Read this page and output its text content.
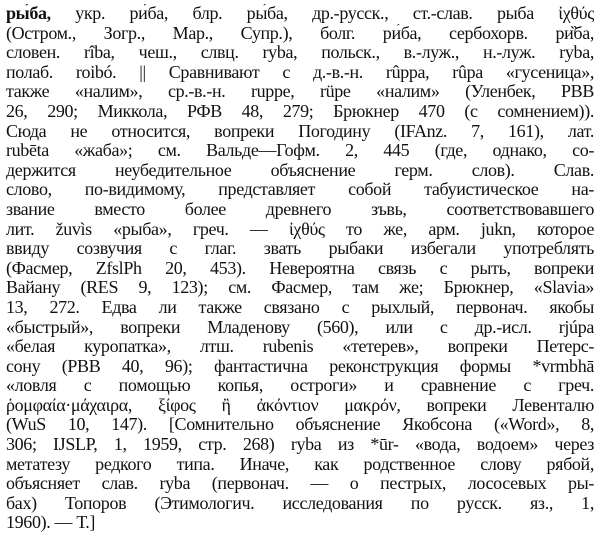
ры́ба, укр. ри́ба, блр. ры́ба, др.-русск., ст.-слав. рыба ἰχθύς
(Остром., Зогр., Мар., Супр.), болг. ри́ба, сербохорв. ри̏ба,
словен. rîba, чеш., слвц. ryba, польск., в.-луж., н.-луж. ryba,
полаб. roibó. || Сравнивают с д.-в.-н. rûppa, rûpa «гусеница»,
также «налим», ср.-в.-н. ruppe, rüpe «налим» (Уленбек, PBB
26, 290; Миккола, РФВ 48, 279; Брюкнер 470 (с сомнением)).
Сюда не относится, вопреки Погодину (IFAnz. 7, 161), лат.
rubēta «жаба»; см. Вальде—Гофм. 2, 445 (где, однако, со-
держится неубедительное объяснение герм. слов). Слав.
слово, по-видимому, представляет собой табуистическое на-
звание вместо более древнего зъвь, соответствовавшего
лит. žuvìs «рыба», греч. — ἰχθύς то же, арм. jukn, которое
ввиду созвучия с глаг. звать рыбаки избегали употреблять
(Фасмер, ZfslPh 20, 453). Невероятна связь с рыть, вопреки
Вайану (RES 9, 123); см. Фасмер, там же; Брюкнер, «Slavia»
13, 272. Едва ли также связано с рыхлый, первонач. якобы
«быстрый», вопреки Младенову (560), или с др.-исл. rjúpa
«белая куропатка», лтш. rubenis «тетерев», вопреки Петерс-
сону (PBB 40, 96); фантастична реконструкция формы *vrmbhā
«ловля с помощью копья, остроги» и сравнение с греч.
ῥομφαία·μάχαιρα, ξίφος ἢ ἀκόντιον μακρόν, вопреки Левенталю
(WuS 10, 147). [Сомнительно объяснение Якобсона («Word», 8,
306; IJSLP, 1, 1959, стр. 268) ryba из *ūr- «вода, водоем» через
метатезу редкого типа. Иначе, как родственное слову рябой,
объясняет слав. ryba (первонач. — о пестрых, лососевых ры-
бах) Топоров (Этимологич. исследования по русск. яз., 1,
1960). — Т.]
